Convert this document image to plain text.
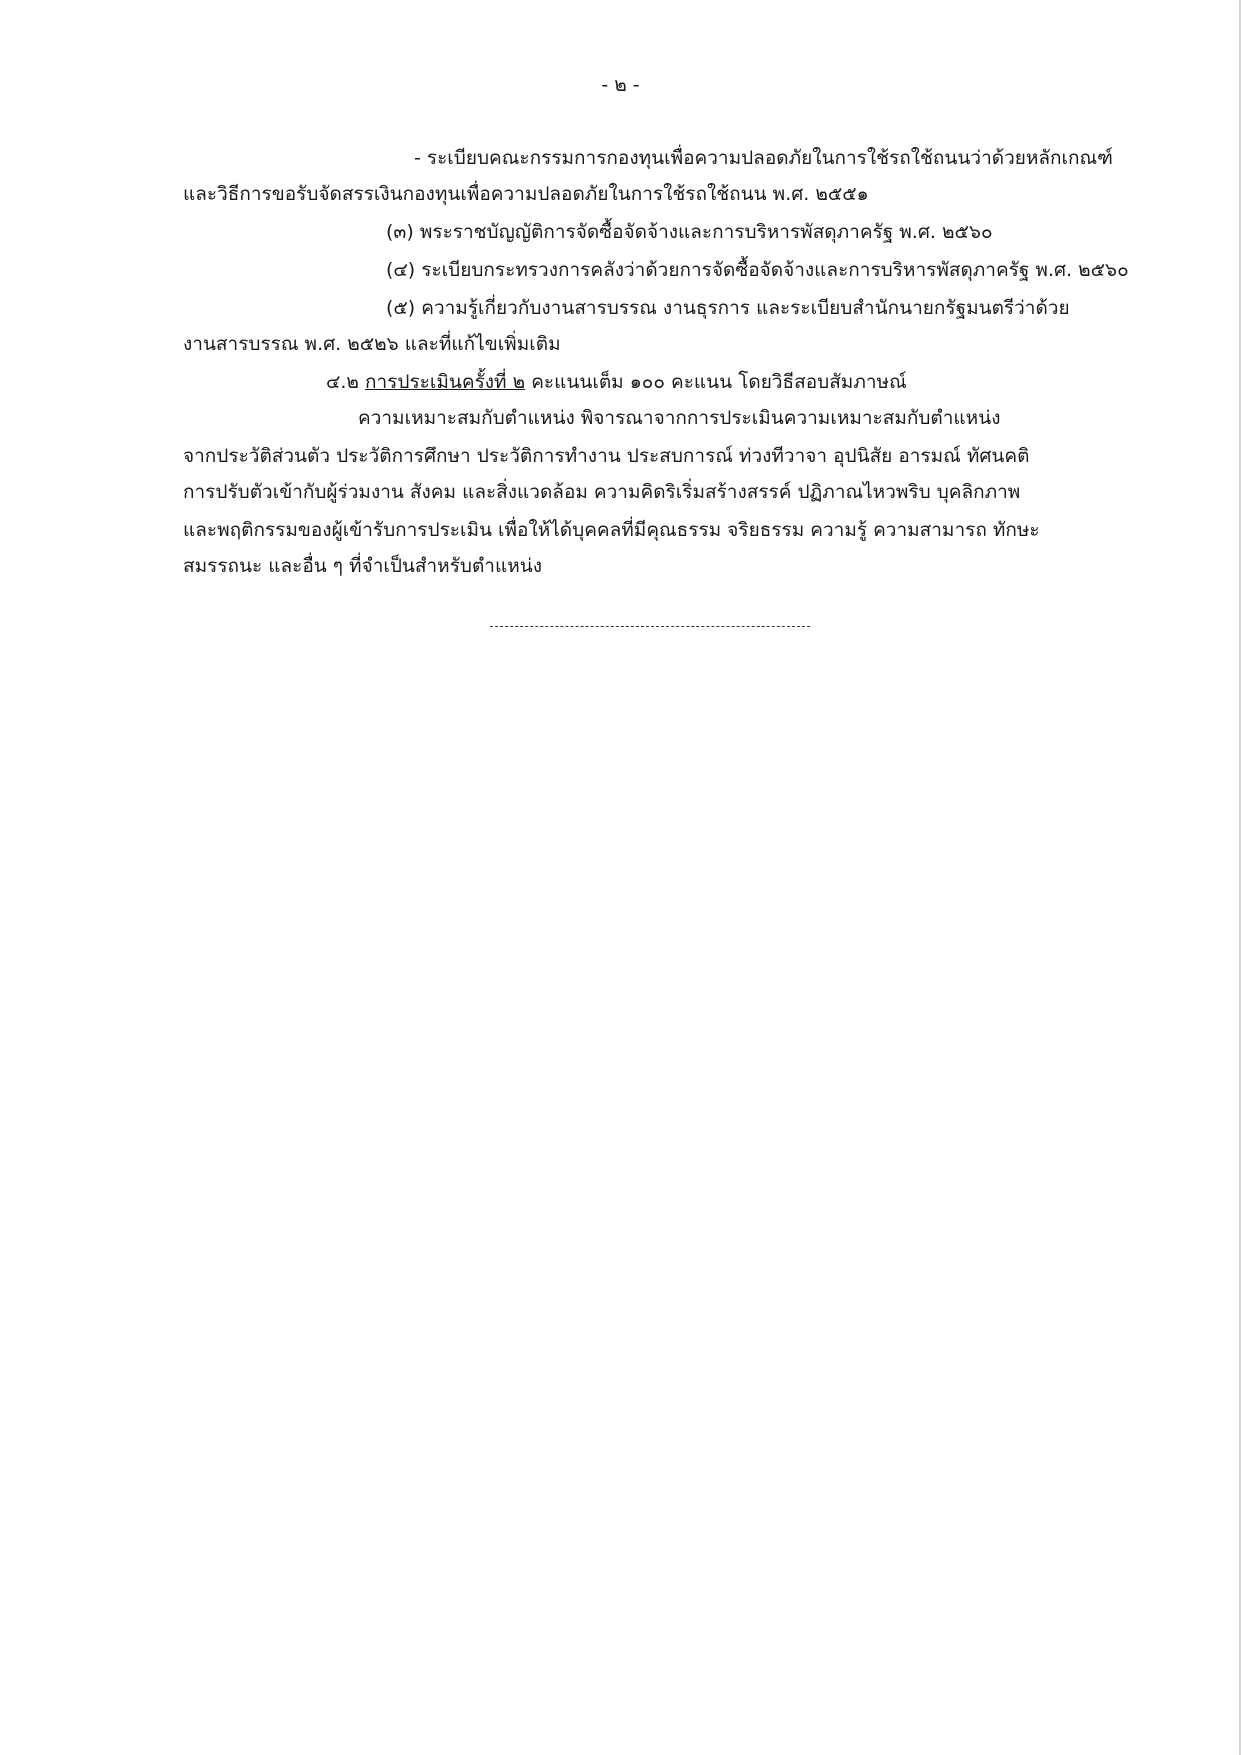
- ๒ -
- ระเบียบคณะกรรมการกองทุนเพื่อความปลอดภัยในการใช้รถใช้ถนนว่าด้วยหลักเกณฑ์
และวิธีการขอรับจัดสรรเงินกองทุนเพื่อความปลอดภัยในการใช้รถใช้ถนน พ.ศ. ๒๕๕๑
(๓) พระราชบัญญัติการจัดซื้อจัดจ้างและการบริหารพัสดุภาครัฐ พ.ศ. ๒๕๖๐
(๔) ระเบียบกระทรวงการคลังว่าด้วยการจัดซื้อจัดจ้างและการบริหารพัสดุภาครัฐ พ.ศ. ๒๕๖๐
(๕) ความรู้เกี่ยวกับงานสารบรรณ งานธุรการ และระเบียบสำนักนายกรัฐมนตรีว่าด้วย
งานสารบรรณ พ.ศ. ๒๕๒๖ และที่แก้ไขเพิ่มเติม
๔.๒ การประเมินครั้งที่ ๒ คะแนนเต็ม ๑๐๐ คะแนน โดยวิธีสอบสัมภาษณ์
ความเหมาะสมกับตำแหน่ง พิจารณาจากการประเมินความเหมาะสมกับตำแหน่ง
จากประวัติส่วนตัว ประวัติการศึกษา ประวัติการทำงาน ประสบการณ์ ท่วงทีวาจา อุปนิสัย อารมณ์ ทัศนคติ
การปรับตัวเข้ากับผู้ร่วมงาน สังคม และสิ่งแวดล้อม ความคิดริเริ่มสร้างสรรค์ ปฏิภาณไหวพริบ บุคลิกภาพ
และพฤติกรรมของผู้เข้ารับการประเมิน เพื่อให้ได้บุคคลที่มีคุณธรรม จริยธรรม ความรู้ ความสามารถ ทักษะ
สมรรถนะ และอื่น ๆ ที่จำเป็นสำหรับตำแหน่ง
